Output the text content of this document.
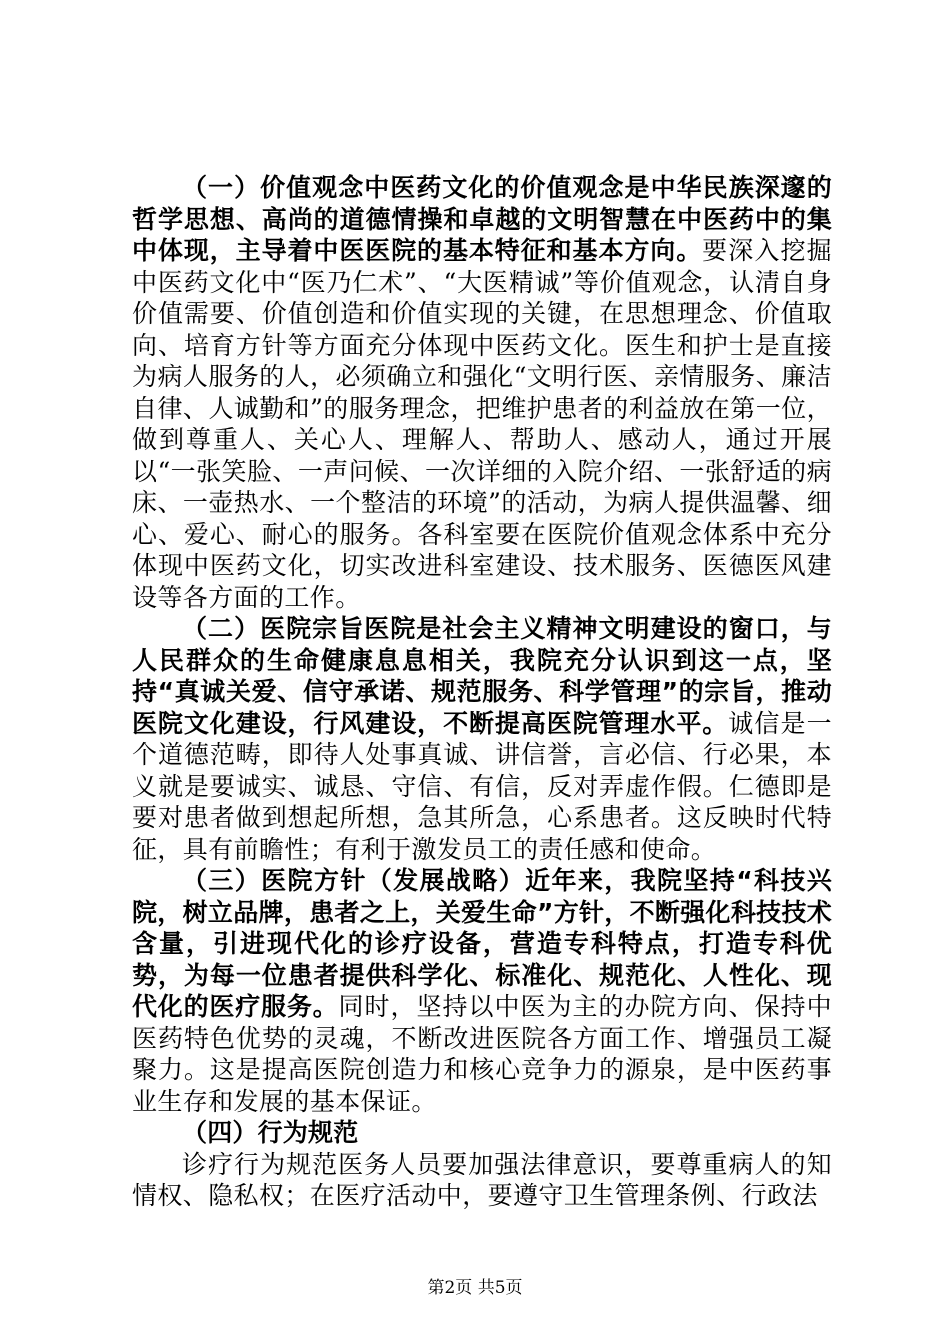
（一）价值观念中医药文化的价值观念是中华民族深邃的哲学思想、高尚的道德情操和卓越的文明智慧在中医药中的集中体现，主导着中医医院的基本特征和基本方向。要深入挖掘中医药文化中“医乃仁术”、“大医精诚”等价值观念，认清自身价值需要、价值创造和价值实现的关键，在思想理念、价值取向、培育方针等方面充分体现中医药文化。医生和护士是直接为病人服务的人，必须确立和强化“文明行医、亲情服务、廉洁自律、人诚勤和”的服务理念，把维护患者的利益放在第一位，做到尊重人、关心人、理解人、帮助人、感动人，通过开展以“一张笑脸、一声问候、一次详细的入院介绍、一张舒适的病床、一壶热水、一个整洁的环境”的活动，为病人提供温馨、细心、爱心、耐心的服务。各科室要在医院价值观念体系中充分体现中医药文化，切实改进科室建设、技术服务、医德医风建设等各方面的工作。

（二）医院宗旨医院是社会主义精神文明建设的窗口，与人民群众的生命健康息息相关，我院充分认识到这一点，坚持“真诚关爱、信守承诺、规范服务、科学管理”的宗旨，推动医院文化建设，行风建设，不断提高医院管理水平。诚信是一个道德范畴，即待人处事真诚、讲信誉，言必信、行必果，本义就是要诚实、诚恳、守信、有信，反对弄虚作假。仁德即是要对患者做到想起所想，急其所急，心系患者。这反映时代特征，具有前瞻性；有利于激发员工的责任感和使命。

（三）医院方针（发展战略）近年来，我院坚持“科技兴院，树立品牌，患者之上，关爱生命”方针，不断强化科技技术含量，引进现代化的诊疗设备，营造专科特点，打造专科优势，为每一位患者提供科学化、标准化、规范化、人性化、现代化的医疗服务。同时，坚持以中医为主的办院方向、保持中医药特色优势的灵魂，不断改进医院各方面工作、增强员工凝聚力。这是提高医院创造力和核心竞争力的源泉，是中医药事业生存和发展的基本保证。

（四）行为规范

诊疗行为规范医务人员要加强法律意识，要尊重病人的知情权、隐私权；在医疗活动中，要遵守卫生管理条例、行政法

第2页 共5页
